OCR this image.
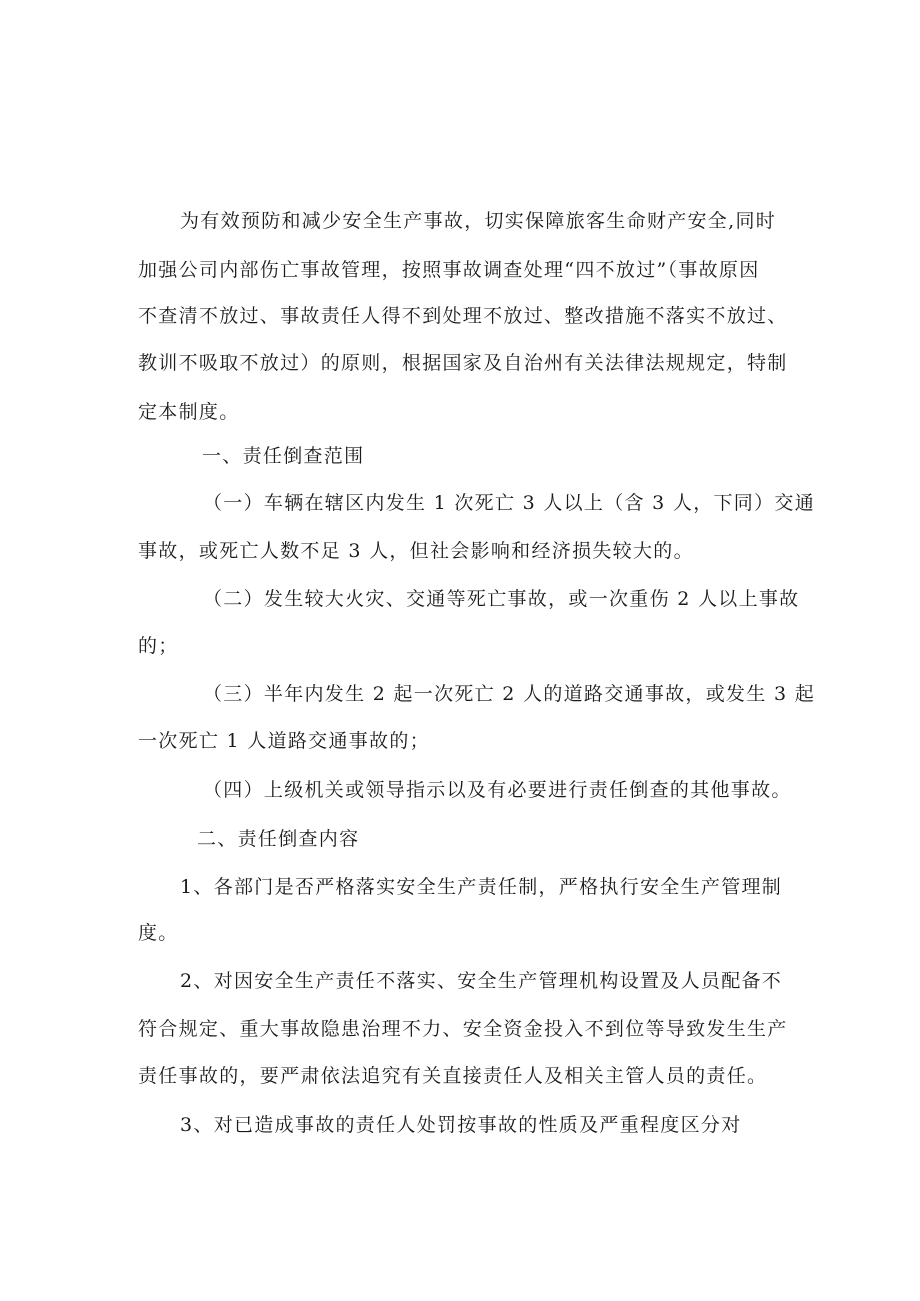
为有效预防和减少安全生产事故，切实保障旅客生命财产安全,同时
加强公司内部伤亡事故管理，按照事故调查处理“四不放过”（事故原因
不查清不放过、事故责任人得不到处理不放过、整改措施不落实不放过、
教训不吸取不放过）的原则，根据国家及自治州有关法律法规规定，特制
定本制度。
一、责任倒查范围
（一）车辆在辖区内发生 1 次死亡 3 人以上（含 3 人，下同）交通
事故，或死亡人数不足 3 人，但社会影响和经济损失较大的。
（二）发生较大火灾、交通等死亡事故，或一次重伤 2 人以上事故
的；
（三）半年内发生 2 起一次死亡 2 人的道路交通事故，或发生 3 起
一次死亡 1 人道路交通事故的；
（四）上级机关或领导指示以及有必要进行责任倒查的其他事故。
二、责任倒查内容
1、各部门是否严格落实安全生产责任制，严格执行安全生产管理制
度。
2、对因安全生产责任不落实、安全生产管理机构设置及人员配备不
符合规定、重大事故隐患治理不力、安全资金投入不到位等导致发生生产
责任事故的，要严肃依法追究有关直接责任人及相关主管人员的责任。
3、对已造成事故的责任人处罚按事故的性质及严重程度区分对
